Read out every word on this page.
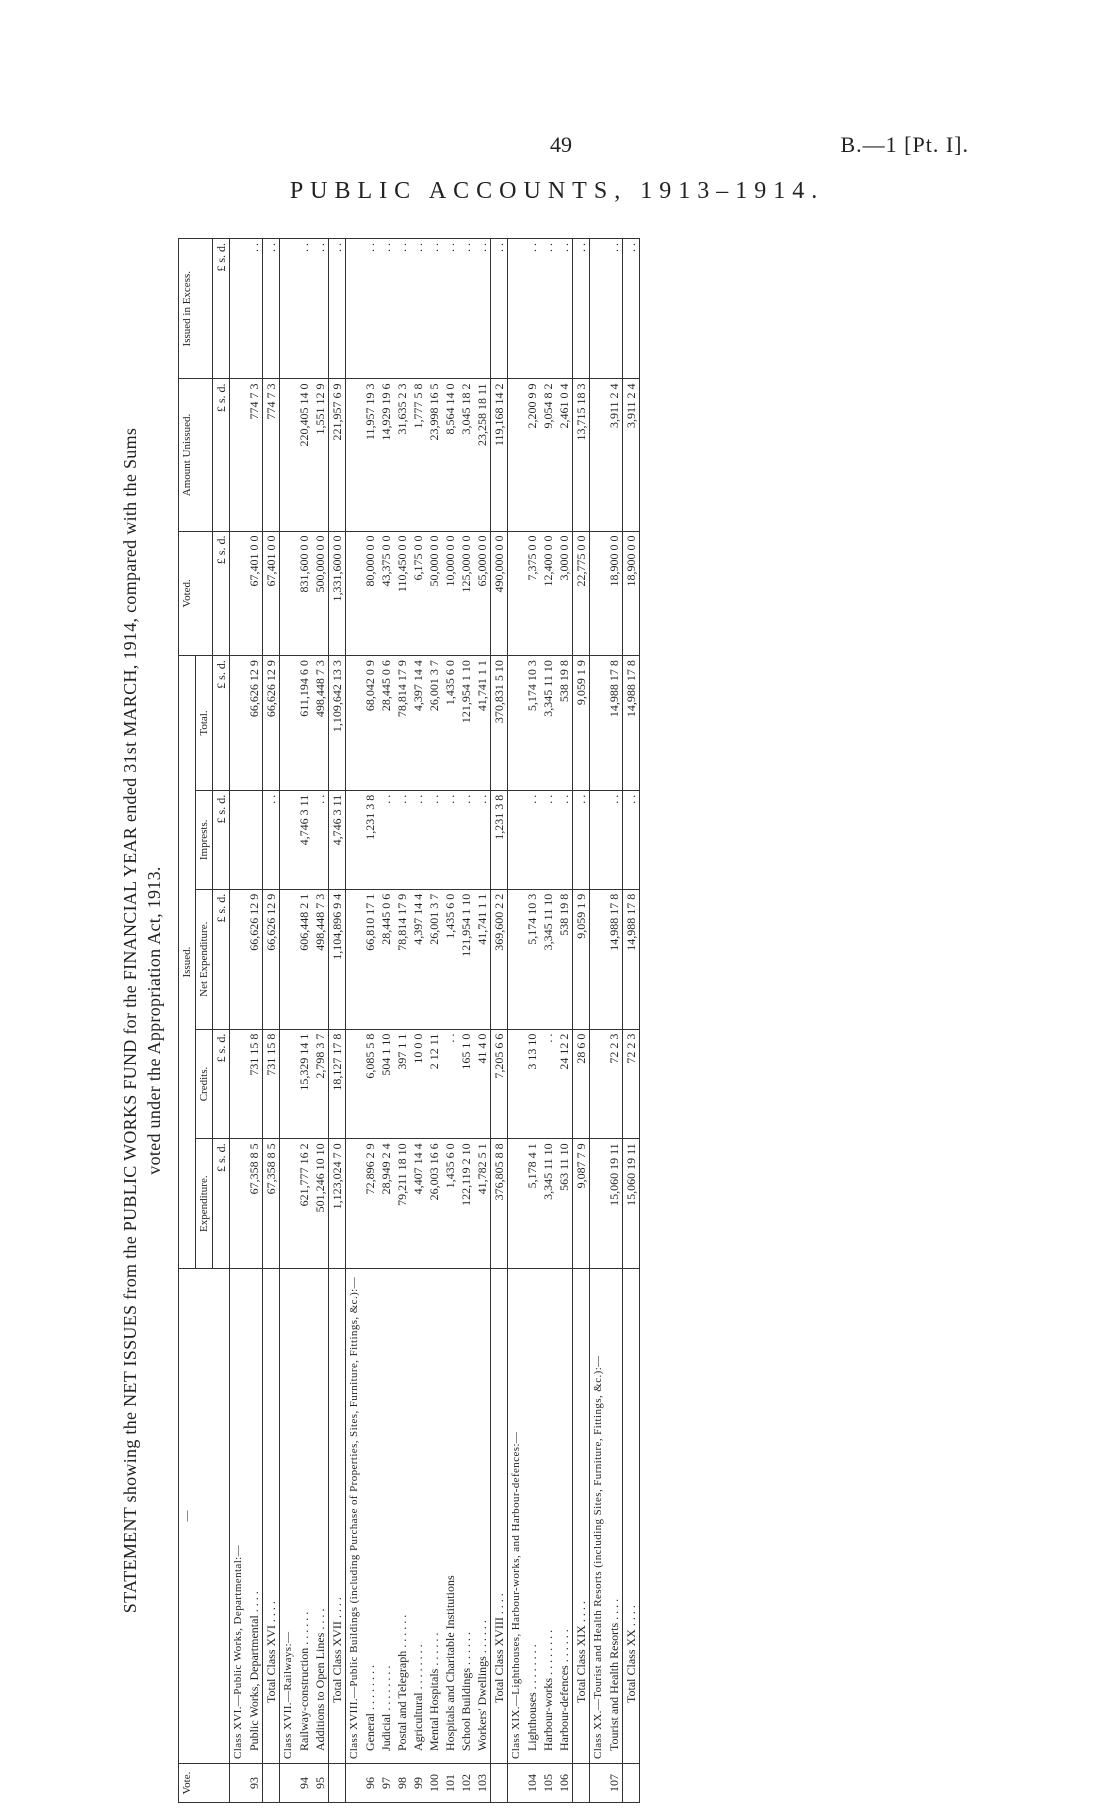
49	B.—1 [Pt. I].
PUBLIC ACCOUNTS, 1913–1914.
STATEMENT showing the NET ISSUES from the PUBLIC WORKS FUND for the FINANCIAL YEAR ended 31st MARCH, 1914, compared with the Sums voted under the Appropriation Act, 1913.
Vote.	—	Issued.					Voted.	Amount Unissued.	Issued in Excess.
		Expenditure.	Credits.	Net Expenditure.	Imprests.	Total.			
		£ s. d.	£ s. d.	£ s. d.	£ s. d.	£ s. d.	£ s. d.	£ s. d.	£ s. d.
	Class XVI.—Public Works, Departmental:—								
93	Public Works, Departmental . . . .	67,358 8 5	731 15 8	66,626 12 9		66,626 12 9	67,401 0 0	774 7 3	. .
	Total Class XVI . . . .	67,358 8 5	731 15 8	66,626 12 9	. .	66,626 12 9	67,401 0 0	774 7 3	. .
	Class XVII.—Railways:—								
94	Railway-construction . . . . . .	621,777 16 2	15,329 14 1	606,448 2 1	4,746 3 11	611,194 6 0	831,600 0 0	220,405 14 0	. .
95	Additions to Open Lines . . . .	501,246 10 10	2,798 3 7	498,448 7 3	. .	498,448 7 3	500,000 0 0	1,551 12 9	. .
	Total Class XVII . . . .	1,123,024 7 0	18,127 17 8	1,104,896 9 4	4,746 3 11	1,109,642 13 3	1,331,600 0 0	221,957 6 9	. .
	Class XVIII.—Public Buildings (including Purchase of Properties, Sites, Furniture, Fittings, &c.):—								
96	General . . . . . . . .	72,896 2 9	6,085 5 8	66,810 17 1	1,231 3 8	68,042 0 9	80,000 0 0	11,957 19 3	. .
97	Judicial . . . . . . . .	28,949 2 4	504 1 10	28,445 0 6	. .	28,445 0 6	43,375 0 0	14,929 19 6	. .
98	Postal and Telegraph . . . . . .	79,211 18 10	397 1 1	78,814 17 9	. .	78,814 17 9	110,450 0 0	31,635 2 3	. .
99	Agricultural . . . . . . . .	4,407 14 4	10 0 0	4,397 14 4	. .	4,397 14 4	6,175 0 0	1,777 5 8	. .
100	Mental Hospitals . . . . . .	26,003 16 6	2 12 11	26,001 3 7	. .	26,001 3 7	50,000 0 0	23,998 16 5	. .
101	Hospitals and Charitable Institutions	1,435 6 0	. .	1,435 6 0	. .	1,435 6 0	10,000 0 0	8,564 14 0	. .
102	School Buildings . . . . . .	122,119 2 10	165 1 0	121,954 1 10	. .	121,954 1 10	125,000 0 0	3,045 18 2	. .
103	Workers' Dwellings . . . . . .	41,782 5 1	41 4 0	41,741 1 1	. .	41,741 1 1	65,000 0 0	23,258 18 11	. .
	Total Class XVIII . . . .	376,805 8 8	7,205 6 6	369,600 2 2	1,231 3 8	370,831 5 10	490,000 0 0	119,168 14 2	. .
	Class XIX.—Lighthouses, Harbour-works, and Harbour-defences:—								
104	Lighthouses . . . . . . . .	5,178 4 1	3 13 10	5,174 10 3	. .	5,174 10 3	7,375 0 0	2,200 9 9	. .
105	Harbour-works . . . . . . . .	3,345 11 10	. .	3,345 11 10	. .	3,345 11 10	12,400 0 0	9,054 8 2	. .
106	Harbour-defences . . . . . .	563 11 10	24 12 2	538 19 8	. .	538 19 8	3,000 0 0	2,461 0 4	. .
	Total Class XIX . . . .	9,087 7 9	28 6 0	9,059 1 9	. .	9,059 1 9	22,775 0 0	13,715 18 3	. .
	Class XX.—Tourist and Health Resorts (including Sites, Furniture, Fittings, &c.):—								
107	Tourist and Health Resorts . . . .	15,060 19 11	72 2 3	14,988 17 8	. .	14,988 17 8	18,900 0 0	3,911 2 4	. .
	Total Class XX . . . .	15,060 19 11	72 2 3	14,988 17 8	. .	14,988 17 8	18,900 0 0	3,911 2 4	. .
